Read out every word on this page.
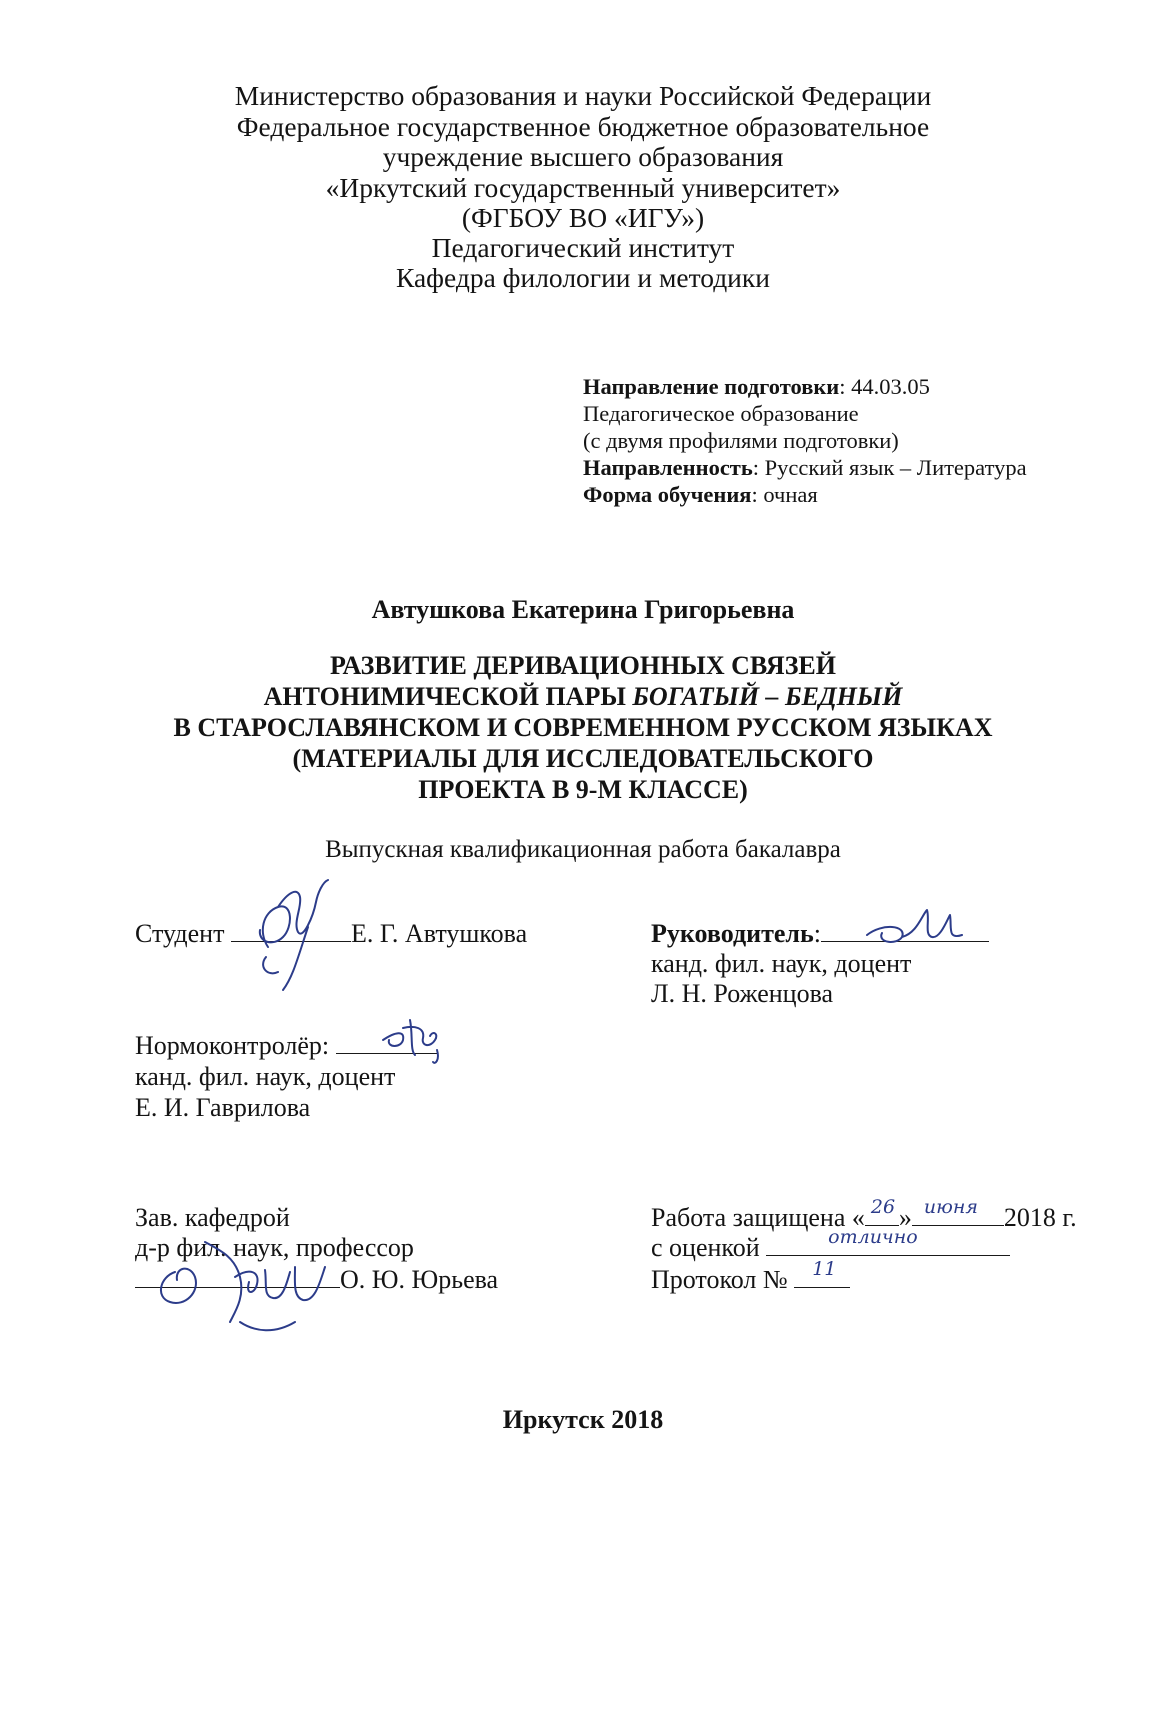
Министерство образования и науки Российской Федерации
Федеральное государственное бюджетное образовательное
учреждение высшего образования
«Иркутский государственный университет»
(ФГБОУ ВО «ИГУ»)
Педагогический институт
Кафедра филологии и методики
Направление подготовки: 44.03.05
Педагогическое образование
(с двумя профилями подготовки)
Направленность: Русский язык – Литература
Форма обучения: очная
Автушкова Екатерина Григорьевна
РАЗВИТИЕ ДЕРИВАЦИОННЫХ СВЯЗЕЙ
АНТОНИМИЧЕСКОЙ ПАРЫ БОГАТЫЙ – БЕДНЫЙ
В СТАРОСЛАВЯНСКОМ И СОВРЕМЕННОМ РУССКОМ ЯЗЫКАХ
(МАТЕРИАЛЫ ДЛЯ ИССЛЕДОВАТЕЛЬСКОГО
ПРОЕКТА В 9-М КЛАССЕ)
Выпускная квалификационная работа бакалавра
Студент	Е. Г. Автушкова	Руководитель:
канд. фил. наук, доцент
Л. Н. Роженцова
Нормоконтролёр:
канд. фил. наук, доцент
Е. И. Гаврилова
Зав. кафедрой
д-р фил. наук, профессор
О. Ю. Юрьева
Работа защищена « 26 » июня 2018 г.
с оценкой	отлично
Протокол № 11
Иркутск 2018
